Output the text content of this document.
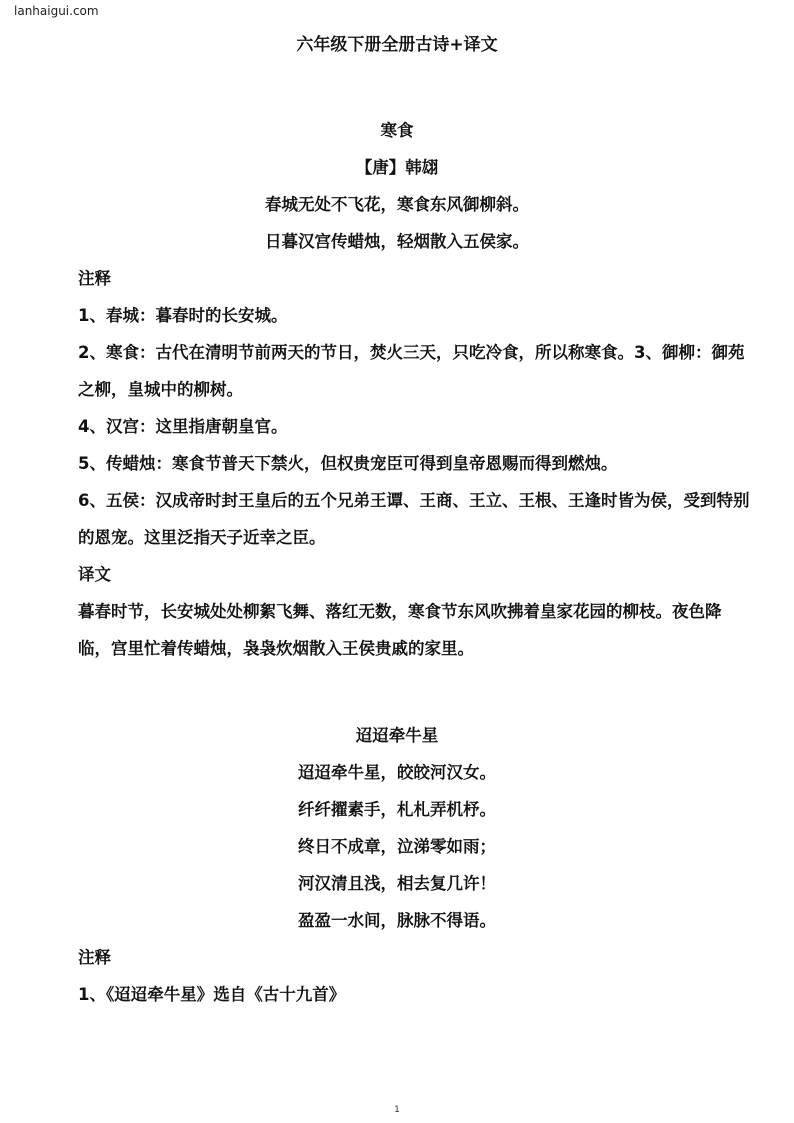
lanhaigui.com
六年级下册全册古诗+译文
寒食
【唐】韩翃
春城无处不飞花，寒食东风御柳斜。
日暮汉宫传蜡烛，轻烟散入五侯家。
注释
1、春城：暮春时的长安城。
2、寒食：古代在清明节前两天的节日，焚火三天，只吃冷食，所以称寒食。3、御柳：御苑之柳，皇城中的柳树。
4、汉宫：这里指唐朝皇官。
5、传蜡烛：寒食节普天下禁火，但权贵宠臣可得到皇帝恩赐而得到燃烛。
6、五侯：汉成帝时封王皇后的五个兄弟王谭、王商、王立、王根、王逢时皆为侯，受到特别的恩宠。这里泛指天子近幸之臣。
译文
暮春时节，长安城处处柳絮飞舞、落红无数，寒食节东风吹拂着皇家花园的柳枝。夜色降临，宫里忙着传蜡烛，袅袅炊烟散入王侯贵戚的家里。
迢迢牵牛星
迢迢牵牛星，皎皎河汉女。
纤纤擢素手，札札弄机杼。
终日不成章，泣涕零如雨；
河汉清且浅，相去复几许！
盈盈一水间，脉脉不得语。
注释
1、《迢迢牵牛星》选自《古十九首》
1
